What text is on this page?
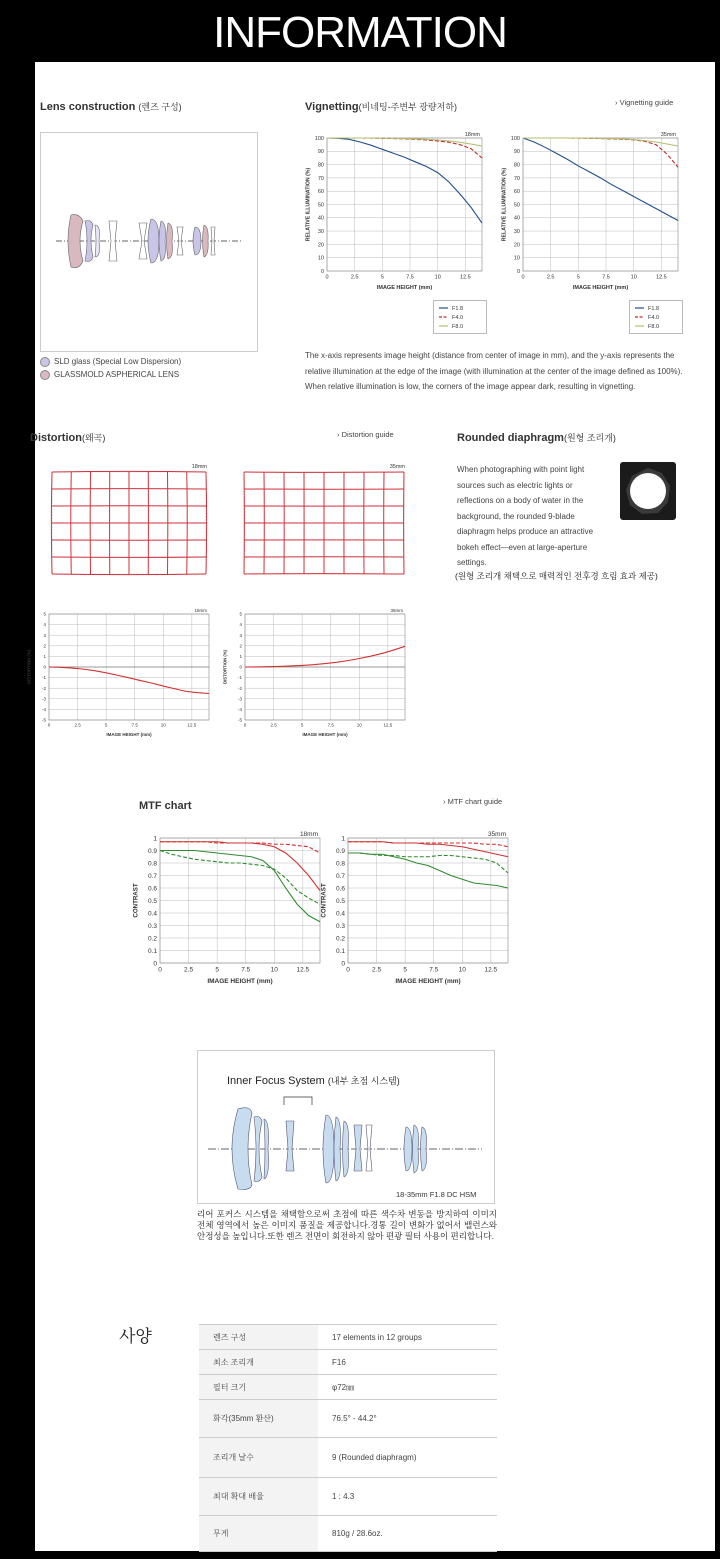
INFORMATION
Lens construction (렌즈 구성)
SLD glass (Special Low Dispersion)
GLASSMOLD ASPHERICAL LENS
Vignetting(비네팅-주변부 광량저하)	› Vignetting guide
0
10
20
30
40
50
60
70
80
90
100
0	2.5	5	7.5	10	12.5
18mm
IMAGE HEIGHT (mm)
RELATIVE ILLUMINATION (%)
0
10
20
30
40
50
60
70
80
90
100
0	2.5	5	7.5	10	12.5
35mm
IMAGE HEIGHT (mm)
RELATIVE ILLUMINATION (%)
F1.8
F4.0
F8.0
F1.8
F4.0
F8.0
The x-axis represents image height (distance from center of image in mm), and the y-axis represents the relative illumination at the edge of the image (with illumination at the center of the image defined as 100%). When relative illumination is low, the corners of the image appear dark, resulting in vignetting.
Distortion(왜곡)	› Distortion guide
18mm	35mm
-5
-4
-3
-2
-1
0
1
2
3
4
5
0	2.5	5	7.5	10	12.5
18mm
IMAGE HEIGHT (mm)
DISTORTION (%)
-5
-4
-3
-2
-1
0
1
2
3
4
5
0	2.5	5	7.5	10	12.5
35mm
IMAGE HEIGHT (mm)
DISTORTION (%)
Rounded diaphragm(원형 조리개)
When photographing with point light
sources such as electric lights or
reflections on a body of water in the
background, the rounded 9-blade
diaphragm helps produce an attractive
bokeh effect—even at large-aperture
settings.
(원형 조리개 채택으로 매력적인 전후경 흐림 효과 제공)
MTF chart	› MTF chart guide
0
0.1
0.2
0.3
0.4
0.5
0.6
0.7
0.8
0.9
1
0	2.5	5	7.5	10	12.5
18mm
IMAGE HEIGHT (mm)
CONTRAST
0
0.1
0.2
0.3
0.4
0.5
0.6
0.7
0.8
0.9
1
0	2.5	5	7.5	10	12.5
35mm
IMAGE HEIGHT (mm)
CONTRAST
Inner Focus System (내부 초점 시스템)
18-35mm F1.8 DC HSM
리어 포커스 시스템을 채택함으로써 초점에 따른 색수차 변동을 방지하여 이미지 전체 영역에서 높은 이미지 품질을 제공합니다.경통 길이 변화가 없어서 밸런스와 안정성을 높입니다.또한 렌즈 전면이 회전하지 않아 편광 필터 사용이 편리합니다.
사양	렌즈 구성	17 elements in 12 groups
최소 조리개	F16
필터 크기	φ72㎜
화각(35mm 환산)	76.5° - 44.2°
조리개 날수	9 (Rounded diaphragm)
최대 확대 배율	1 : 4.3
무게	810g / 28.6oz.
